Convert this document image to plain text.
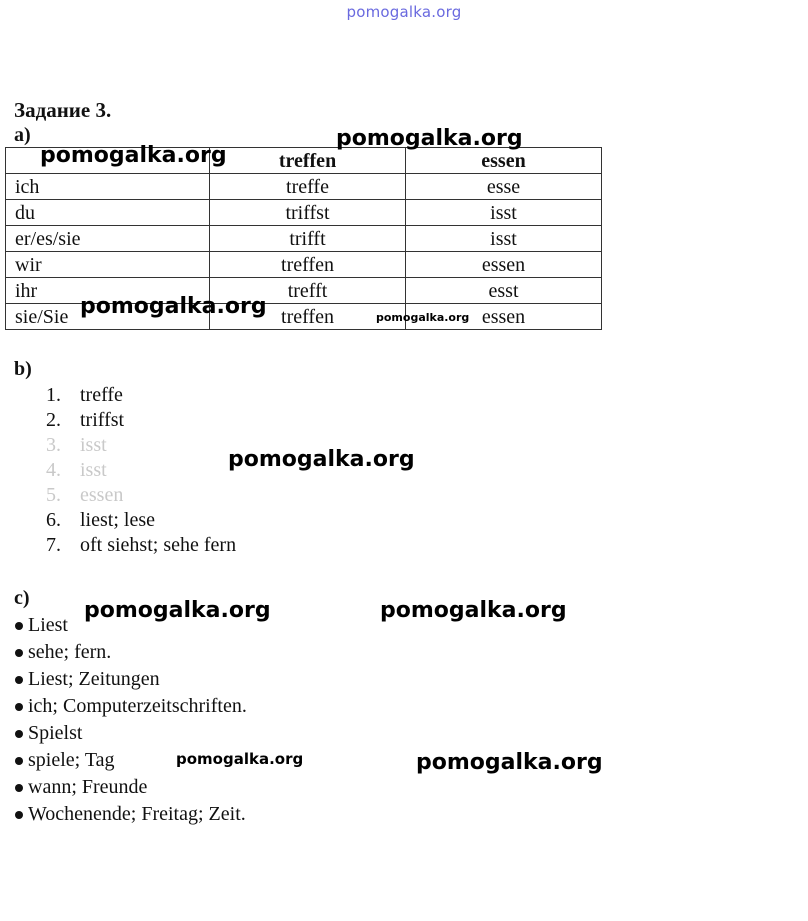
pomogalka.org
Задание 3.
a)
	treffen	essen
ich	treffe	esse
du	triffst	isst
er/es/sie	trifft	isst
wir	treffen	essen
ihr	trefft	esst
sie/Sie	treffen	essen
b)
1. treffe
2. triffst
3. isst
4. isst
5. essen
6. liest; lese
7. oft siehst; sehe fern
c)
Liest
sehe; fern.
Liest; Zeitungen
ich; Computerzeitschriften.
Spielst
spiele; Tag
wann; Freunde
Wochenende; Freitag; Zeit.
pomogalka.org
pomogalka.org
pomogalka.org	pomogalka.org
pomogalka.org
pomogalka.org	pomogalka.org
pomogalka.org	pomogalka.org
